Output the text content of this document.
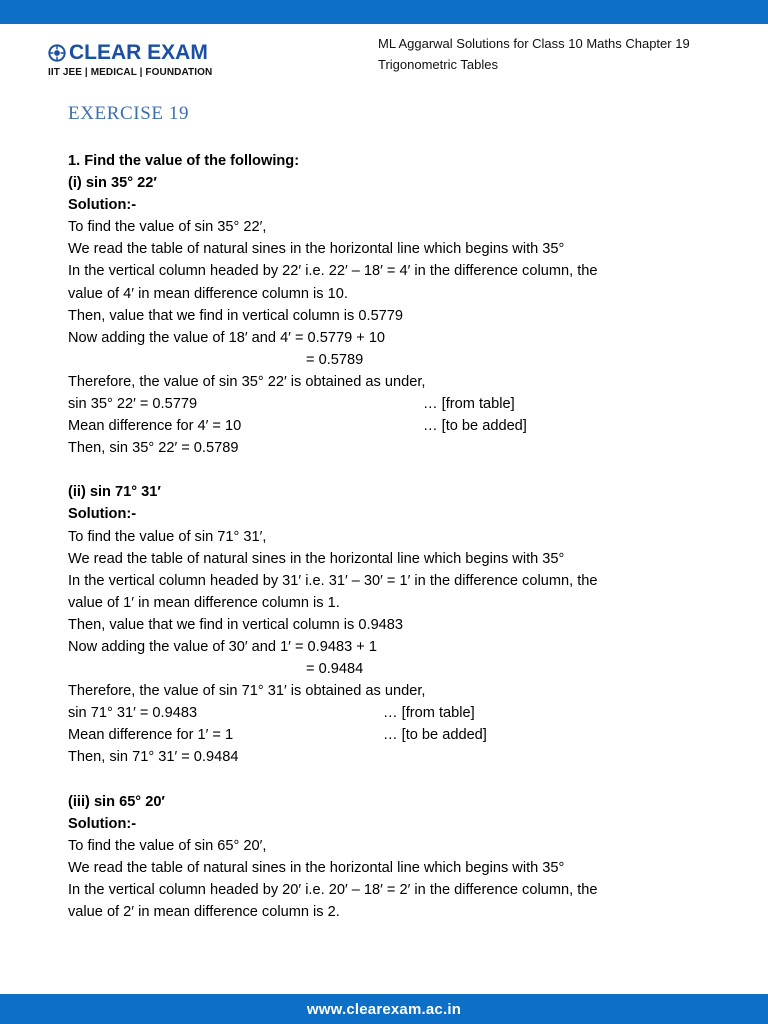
CLEAR EXAM
IIT JEE | MEDICAL | FOUNDATION
ML Aggarwal Solutions for Class 10 Maths Chapter 19
Trigonometric Tables
EXERCISE 19
1. Find the value of the following:
(i) sin 35° 22′
Solution:-
To find the value of sin 35° 22′,
We read the table of natural sines in the horizontal line which begins with 35°
In the vertical column headed by 22′ i.e. 22′ – 18′ = 4′ in the difference column, the
value of 4′ in mean difference column is 10.
Then, value that we find in vertical column is 0.5779
Now adding the value of 18′ and 4′ = 0.5779 + 10
= 0.5789
Therefore, the value of sin 35° 22′ is obtained as under,
sin 35° 22′ = 0.5779	… [from table]
Mean difference for 4′ = 10	… [to be added]
Then, sin 35° 22′ = 0.5789
(ii) sin 71° 31′
Solution:-
To find the value of sin 71° 31′,
We read the table of natural sines in the horizontal line which begins with 35°
In the vertical column headed by 31′ i.e. 31′ – 30′ = 1′ in the difference column, the
value of 1′ in mean difference column is 1.
Then, value that we find in vertical column is 0.9483
Now adding the value of 30′ and 1′ = 0.9483 + 1
= 0.9484
Therefore, the value of sin 71° 31′ is obtained as under,
sin 71° 31′ = 0.9483	… [from table]
Mean difference for 1′ = 1	… [to be added]
Then, sin 71° 31′ = 0.9484
(iii) sin 65° 20′
Solution:-
To find the value of sin 65° 20′,
We read the table of natural sines in the horizontal line which begins with 35°
In the vertical column headed by 20′ i.e. 20′ – 18′ = 2′ in the difference column, the
value of 2′ in mean difference column is 2.
www.clearexam.ac.in
